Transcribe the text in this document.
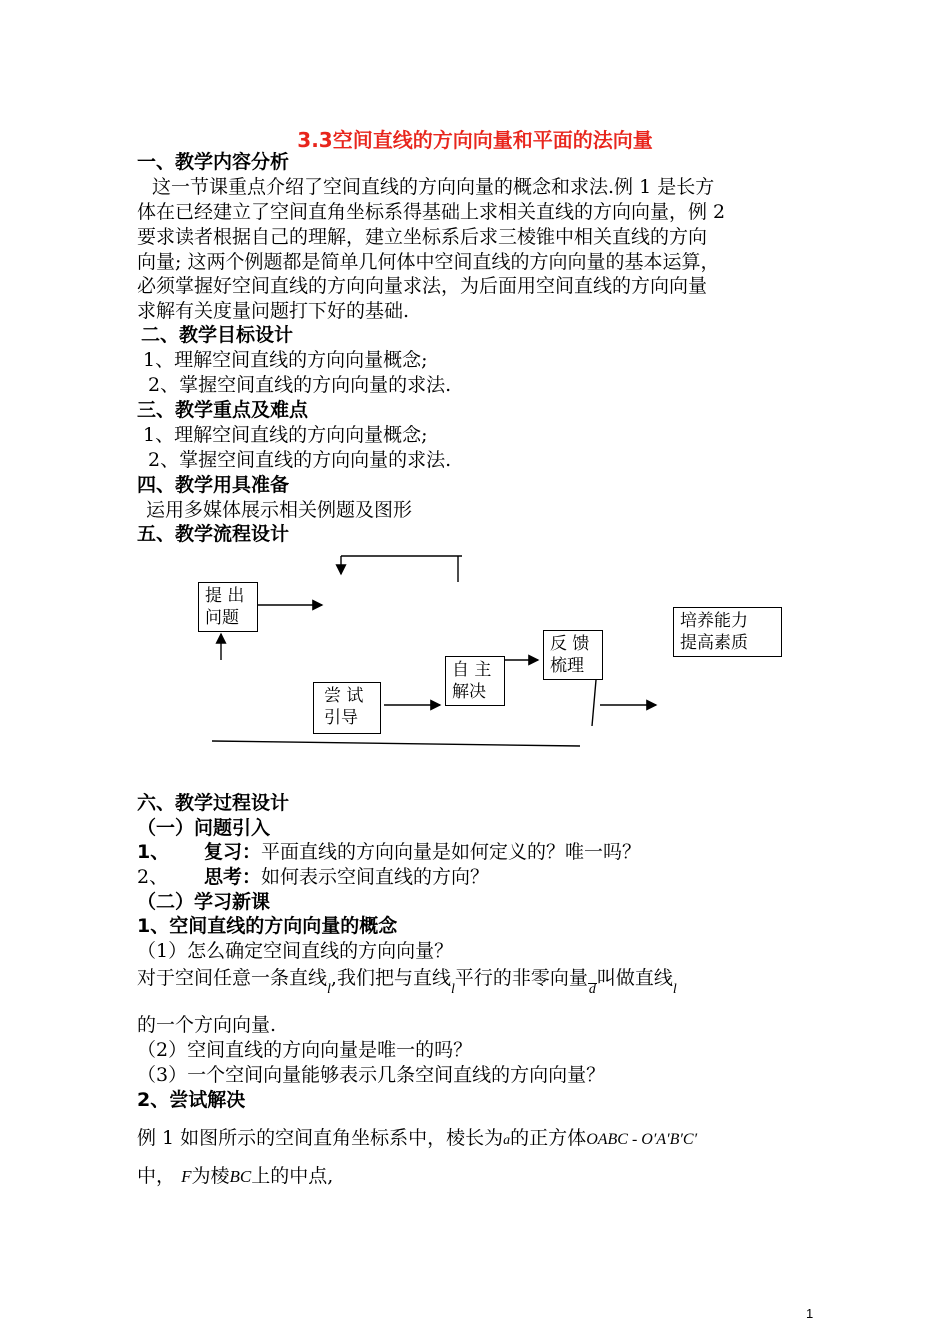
3.3空间直线的方向向量和平面的法向量
一、教学内容分析
这一节课重点介绍了空间直线的方向向量的概念和求法.例 1 是长方
体在已经建立了空间直角坐标系得基础上求相关直线的方向向量，例 2
要求读者根据自己的理解，建立坐标系后求三棱锥中相关直线的方向
向量; 这两个例题都是简单几何体中空间直线的方向向量的基本运算，
必须掌握好空间直线的方向向量求法，为后面用空间直线的方向向量
求解有关度量问题打下好的基础.
二、教学目标设计
1、理解空间直线的方向向量概念;
2、掌握空间直线的方向向量的求法.
三、教学重点及难点
1、理解空间直线的方向向量概念;
2、掌握空间直线的方向向量的求法.
四、教学用具准备
运用多媒体展示相关例题及图形
五、教学流程设计
提 出
问题
尝 试
引导
自 主
解决
反 馈
梳理
培养能力
提高素质
六、教学过程设计
（一）问题引入
1、 复习：平面直线的方向向量是如何定义的？唯一吗？
2、 思考：如何表示空间直线的方向？
（二）学习新课
1、空间直线的方向向量的概念
（1）怎么确定空间直线的方向向量？
对于空间任意一条直线$_l$,我们把与直线$_l$平行的非零向量d叫做直线$_l$
的一个方向向量.
（2）空间直线的方向向量是唯一的吗？
（3）一个空间向量能够表示几条空间直线的方向向量？
2、尝试解决
例 1 如图所示的空间直角坐标系中，棱长为a的正方体OABC - O′A′B′C′
中， F为棱BC上的中点,
1
